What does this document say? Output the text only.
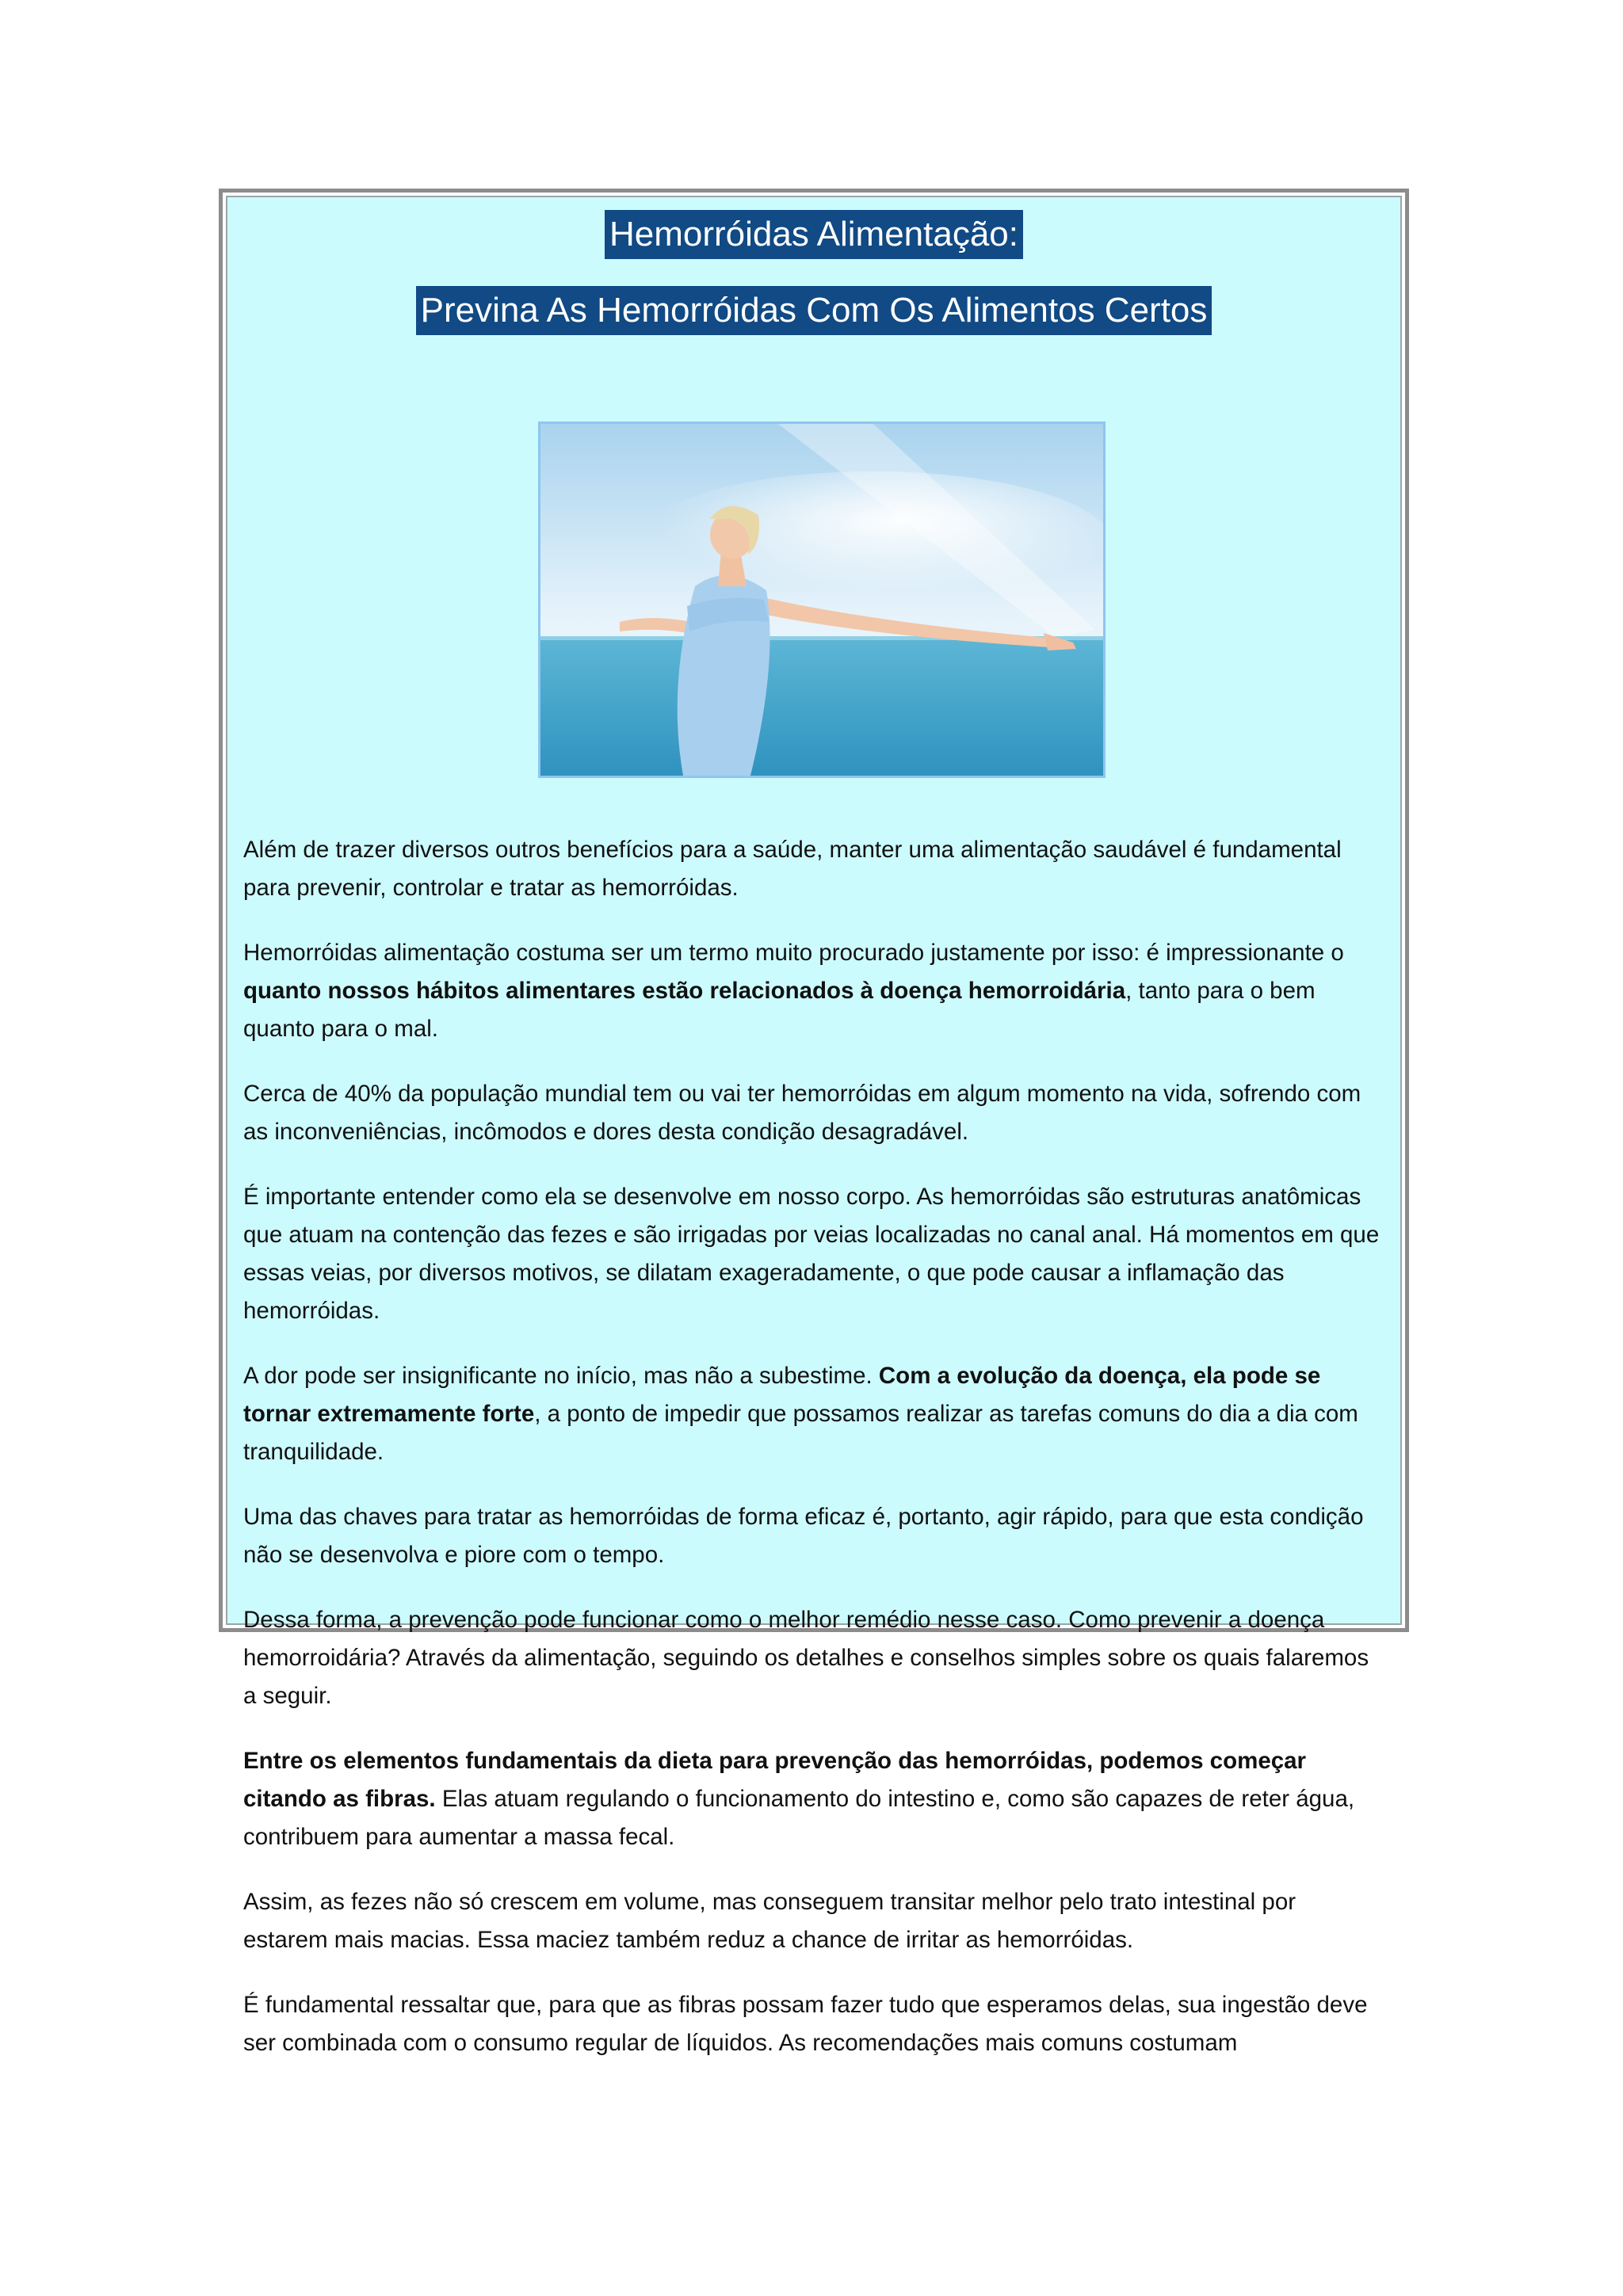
Hemorróidas Alimentação:
Previna As Hemorróidas Com Os Alimentos Certos

Além de trazer diversos outros benefícios para a saúde, manter uma alimentação saudável é fundamental para prevenir, controlar e tratar as hemorróidas.

Hemorróidas alimentação costuma ser um termo muito procurado justamente por isso: é impressionante o quanto nossos hábitos alimentares estão relacionados à doença hemorroidária, tanto para o bem quanto para o mal.

Cerca de 40% da população mundial tem ou vai ter hemorróidas em algum momento na vida, sofrendo com as inconveniências, incômodos e dores desta condição desagradável.

É importante entender como ela se desenvolve em nosso corpo. As hemorróidas são estruturas anatômicas que atuam na contenção das fezes e são irrigadas por veias localizadas no canal anal. Há momentos em que essas veias, por diversos motivos, se dilatam exageradamente, o que pode causar a inflamação das hemorróidas.

A dor pode ser insignificante no início, mas não a subestime. Com a evolução da doença, ela pode se tornar extremamente forte, a ponto de impedir que possamos realizar as tarefas comuns do dia a dia com tranquilidade.

Uma das chaves para tratar as hemorróidas de forma eficaz é, portanto, agir rápido, para que esta condição não se desenvolva e piore com o tempo.

Dessa forma, a prevenção pode funcionar como o melhor remédio nesse caso. Como prevenir a doença hemorroidária? Através da alimentação, seguindo os detalhes e conselhos simples sobre os quais falaremos a seguir.

Entre os elementos fundamentais da dieta para prevenção das hemorróidas, podemos começar citando as fibras. Elas atuam regulando o funcionamento do intestino e, como são capazes de reter água, contribuem para aumentar a massa fecal.

Assim, as fezes não só crescem em volume, mas conseguem transitar melhor pelo trato intestinal por estarem mais macias. Essa maciez também reduz a chance de irritar as hemorróidas.

É fundamental ressaltar que, para que as fibras possam fazer tudo que esperamos delas, sua ingestão deve ser combinada com o consumo regular de líquidos. As recomendações mais comuns costumam
